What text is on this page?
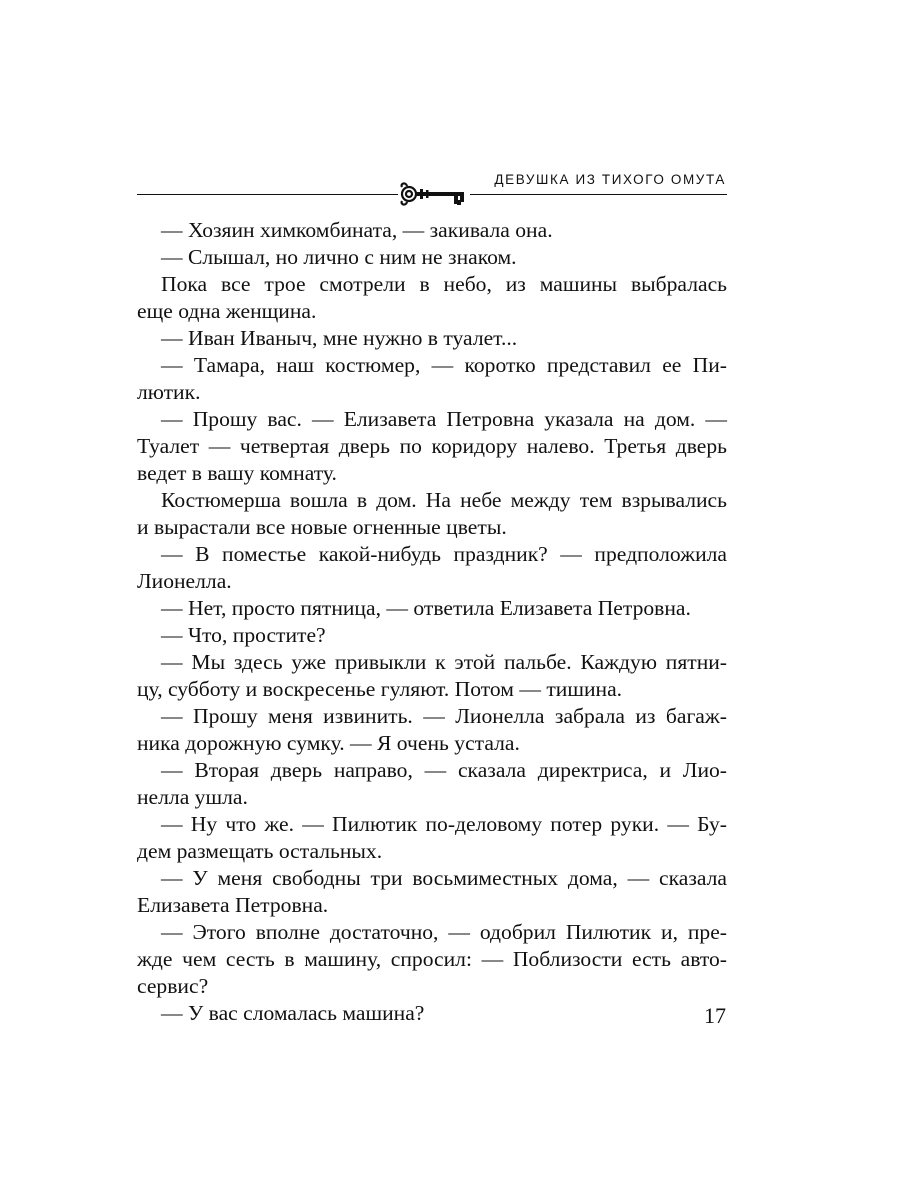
ДЕВУШКА ИЗ ТИХОГО ОМУТА
— Хозяин химкомбината, — закивала она.
— Слышал, но лично с ним не знаком.
Пока все трое смотрели в небо, из машины выбралась
еще одна женщина.
— Иван Иваныч, мне нужно в туалет...
— Тамара, наш костюмер, — коротко представил ее Пи-
лютик.
— Прошу вас. — Елизавета Петровна указала на дом. —
Туалет — четвертая дверь по коридору налево. Третья дверь
ведет в вашу комнату.
Костюмерша вошла в дом. На небе между тем взрывались
и вырастали все новые огненные цветы.
— В поместье какой-нибудь праздник? — предположила
Лионелла.
— Нет, просто пятница, — ответила Елизавета Петровна.
— Что, простите?
— Мы здесь уже привыкли к этой пальбе. Каждую пятни-
цу, субботу и воскресенье гуляют. Потом — тишина.
— Прошу меня извинить. — Лионелла забрала из багаж-
ника дорожную сумку. — Я очень устала.
— Вторая дверь направо, — сказала директриса, и Лио-
нелла ушла.
— Ну что же. — Пилютик по-деловому потер руки. — Бу-
дем размещать остальных.
— У меня свободны три восьмиместных дома, — сказала
Елизавета Петровна.
— Этого вполне достаточно, — одобрил Пилютик и, пре-
жде чем сесть в машину, спросил: — Поблизости есть авто-
сервис?
— У вас сломалась машина?	17
